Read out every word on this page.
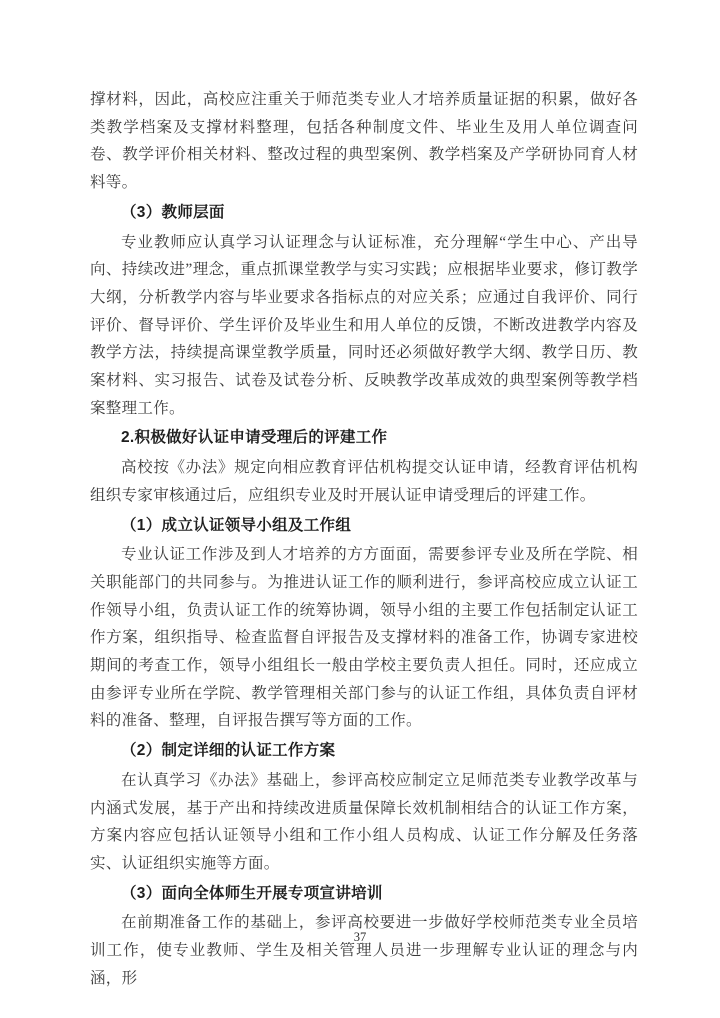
撑材料，因此，高校应注重关于师范类专业人才培养质量证据的积累，做好各类教学档案及支撑材料整理，包括各种制度文件、毕业生及用人单位调查问卷、教学评价相关材料、整改过程的典型案例、教学档案及产学研协同育人材料等。

（3）教师层面

专业教师应认真学习认证理念与认证标准，充分理解“学生中心、产出导向、持续改进”理念，重点抓课堂教学与实习实践；应根据毕业要求，修订教学大纲，分析教学内容与毕业要求各指标点的对应关系；应通过自我评价、同行评价、督导评价、学生评价及毕业生和用人单位的反馈，不断改进教学内容及教学方法，持续提高课堂教学质量，同时还必须做好教学大纲、教学日历、教案材料、实习报告、试卷及试卷分析、反映教学改革成效的典型案例等教学档案整理工作。

2.积极做好认证申请受理后的评建工作

高校按《办法》规定向相应教育评估机构提交认证申请，经教育评估机构组织专家审核通过后，应组织专业及时开展认证申请受理后的评建工作。

（1）成立认证领导小组及工作组

专业认证工作涉及到人才培养的方方面面，需要参评专业及所在学院、相关职能部门的共同参与。为推进认证工作的顺利进行，参评高校应成立认证工作领导小组，负责认证工作的统筹协调，领导小组的主要工作包括制定认证工作方案，组织指导、检查监督自评报告及支撑材料的准备工作，协调专家进校期间的考查工作，领导小组组长一般由学校主要负责人担任。同时，还应成立由参评专业所在学院、教学管理相关部门参与的认证工作组，具体负责自评材料的准备、整理，自评报告撰写等方面的工作。

（2）制定详细的认证工作方案

在认真学习《办法》基础上，参评高校应制定立足师范类专业教学改革与内涵式发展，基于产出和持续改进质量保障长效机制相结合的认证工作方案，方案内容应包括认证领导小组和工作小组人员构成、认证工作分解及任务落实、认证组织实施等方面。

（3）面向全体师生开展专项宣讲培训

在前期准备工作的基础上，参评高校要进一步做好学校师范类专业全员培训工作，使专业教师、学生及相关管理人员进一步理解专业认证的理念与内涵，形

37
